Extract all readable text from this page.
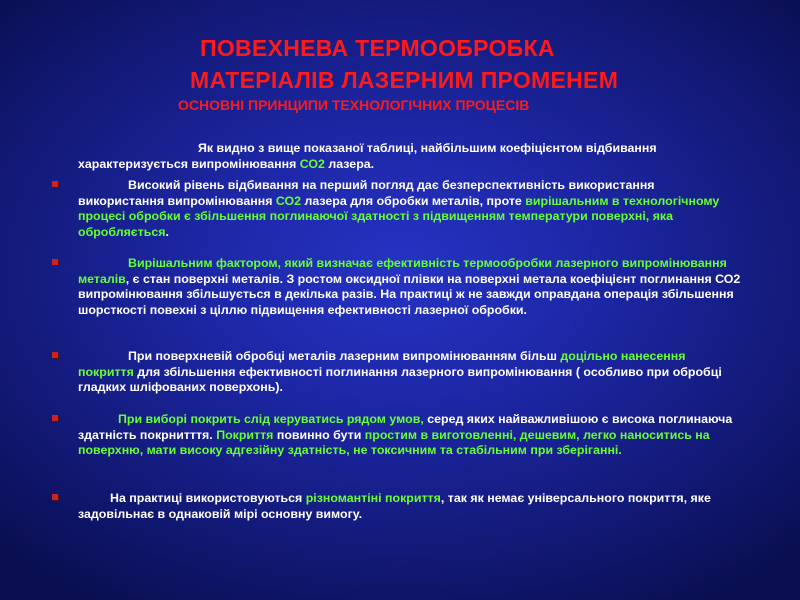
ПОВЕХНЕВА ТЕРМООБРОБКА
МАТЕРІАЛІВ ЛАЗЕРНИМ ПРОМЕНЕМ
ОСНОВНІ ПРИНЦИПИ ТЕХНОЛОГІЧНИХ ПРОЦЕСІВ

Як видно з вище показаної таблиці, найбільшим коефіцієнтом відбивання характеризується випромінювання СО2 лазера.

Високий рівень відбивання на перший погляд дає безперспективність використання використання випромінювання СО2 лазера для обробки металів, проте вирішальним в технологічному процесі обробки є збільшення поглинаючої здатності з підвищенням температури поверхні, яка обробляється.

Вирішальним фактором, який визначає ефективність термообробки лазерного випромінювання металів, є стан поверхні металів. З ростом оксидної плівки на поверхні метала коефіцієнт поглинання СО2 випромінювання збільшується в декілька разів. На практиці ж не завжди оправдана операція збільшення шорсткості повехні з ціллю підвищення ефективності лазерної обробки.

При поверхневій обробці металів лазерним випромінюванням більш доцільно нанесення покриття для збільшення ефективності поглинання лазерного випромінювання ( особливо при обробці гладких шліфованих поверхонь).

При виборі покрить слід керуватись рядом умов, серед яких найважливішою є висока поглинаюча здатність покрнитття. Покриття повинно бути простим в виготовленні, дешевим, легко наноситись на поверхню, мати високу адгезійну здатність, не токсичним та стабільним при зберіганні.

На практиці використовуються різномантіні покриття, так як немає універсального покриття, яке задовільнає в однаковій мірі основну вимогу.
